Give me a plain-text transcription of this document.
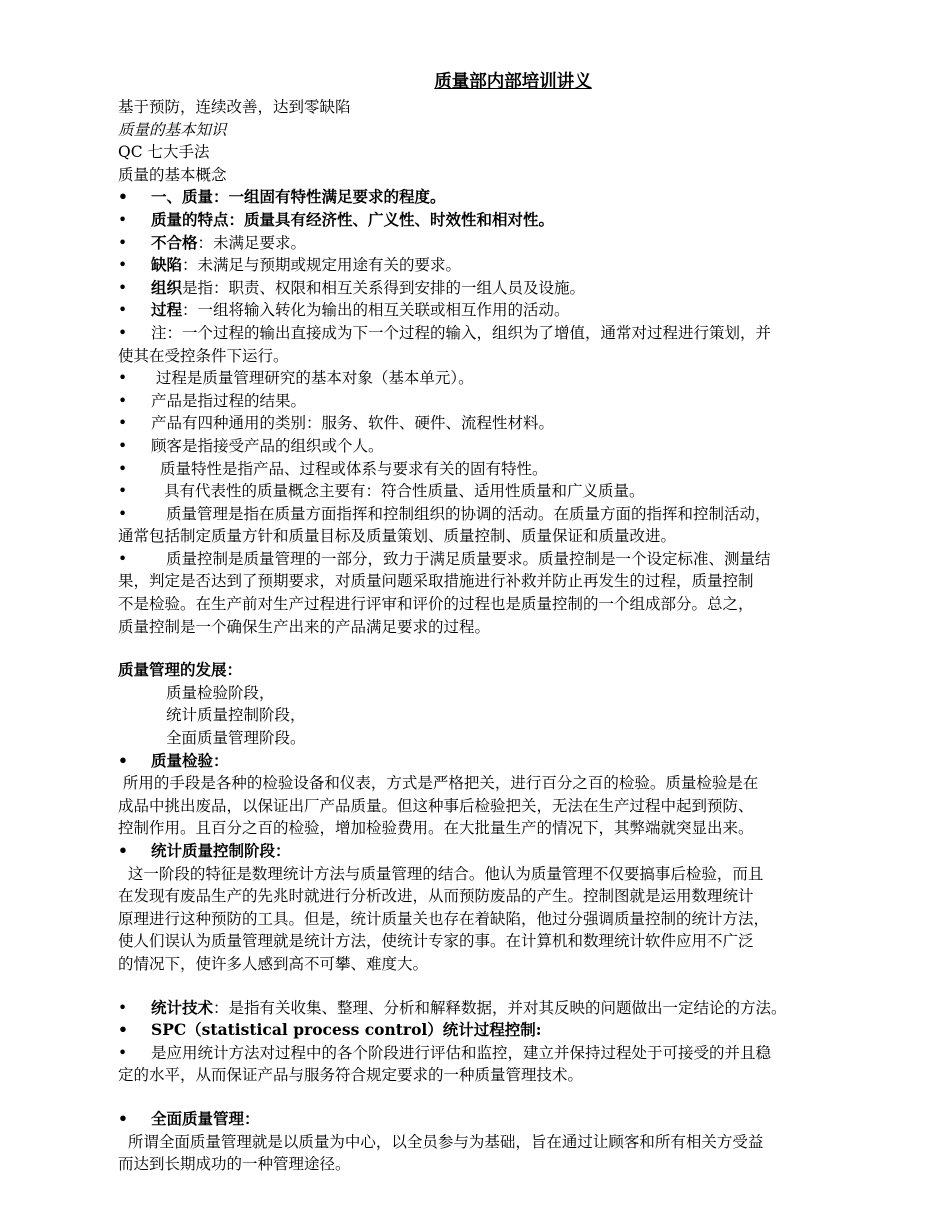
质量部内部培训讲义
基于预防，连续改善，达到零缺陷
质量的基本知识
QC 七大手法
质量的基本概念
•	一、质量：一组固有特性满足要求的程度。
•	质量的特点：质量具有经济性、广义性、时效性和相对性。
•	不合格：未满足要求。
•	缺陷：未满足与预期或规定用途有关的要求。
•	组织是指：职责、权限和相互关系得到安排的一组人员及设施。
•	过程：一组将输入转化为输出的相互关联或相互作用的活动。
•	注：一个过程的输出直接成为下一个过程的输入，组织为了增值，通常对过程进行策划，并
使其在受控条件下运行。
•	过程是质量管理研究的基本对象（基本单元）。
•	产品是指过程的结果。
•	产品有四种通用的类别：服务、软件、硬件、流程性材料。
•	顾客是指接受产品的组织或个人。
•	质量特性是指产品、过程或体系与要求有关的固有特性。
•	具有代表性的质量概念主要有：符合性质量、适用性质量和广义质量。
•	质量管理是指在质量方面指挥和控制组织的协调的活动。在质量方面的指挥和控制活动，
通常包括制定质量方针和质量目标及质量策划、质量控制、质量保证和质量改进。
•	质量控制是质量管理的一部分，致力于满足质量要求。质量控制是一个设定标准、测量结
果，判定是否达到了预期要求，对质量问题采取措施进行补救并防止再发生的过程，质量控制
不是检验。在生产前对生产过程进行评审和评价的过程也是质量控制的一个组成部分。总之，
质量控制是一个确保生产出来的产品满足要求的过程。
质量管理的发展：
质量检验阶段，
统计质量控制阶段，
全面质量管理阶段。
•	质量检验：
所用的手段是各种的检验设备和仪表，方式是严格把关，进行百分之百的检验。质量检验是在
成品中挑出废品，以保证出厂产品质量。但这种事后检验把关，无法在生产过程中起到预防、
控制作用。且百分之百的检验，增加检验费用。在大批量生产的情况下，其弊端就突显出来。
•	统计质量控制阶段：
这一阶段的特征是数理统计方法与质量管理的结合。他认为质量管理不仅要搞事后检验，而且
在发现有废品生产的先兆时就进行分析改进，从而预防废品的产生。控制图就是运用数理统计
原理进行这种预防的工具。但是，统计质量关也存在着缺陷，他过分强调质量控制的统计方法，
使人们误认为质量管理就是统计方法，使统计专家的事。在计算机和数理统计软件应用不广泛
的情况下，使许多人感到高不可攀、难度大。
•	统计技术：是指有关收集、整理、分析和解释数据，并对其反映的问题做出一定结论的方法。
•	SPC（statistical process control）统计过程控制:
•	是应用统计方法对过程中的各个阶段进行评估和监控，建立并保持过程处于可接受的并且稳
定的水平，从而保证产品与服务符合规定要求的一种质量管理技术。
•	全面质量管理：
所谓全面质量管理就是以质量为中心，以全员参与为基础，旨在通过让顾客和所有相关方受益
而达到长期成功的一种管理途径。
